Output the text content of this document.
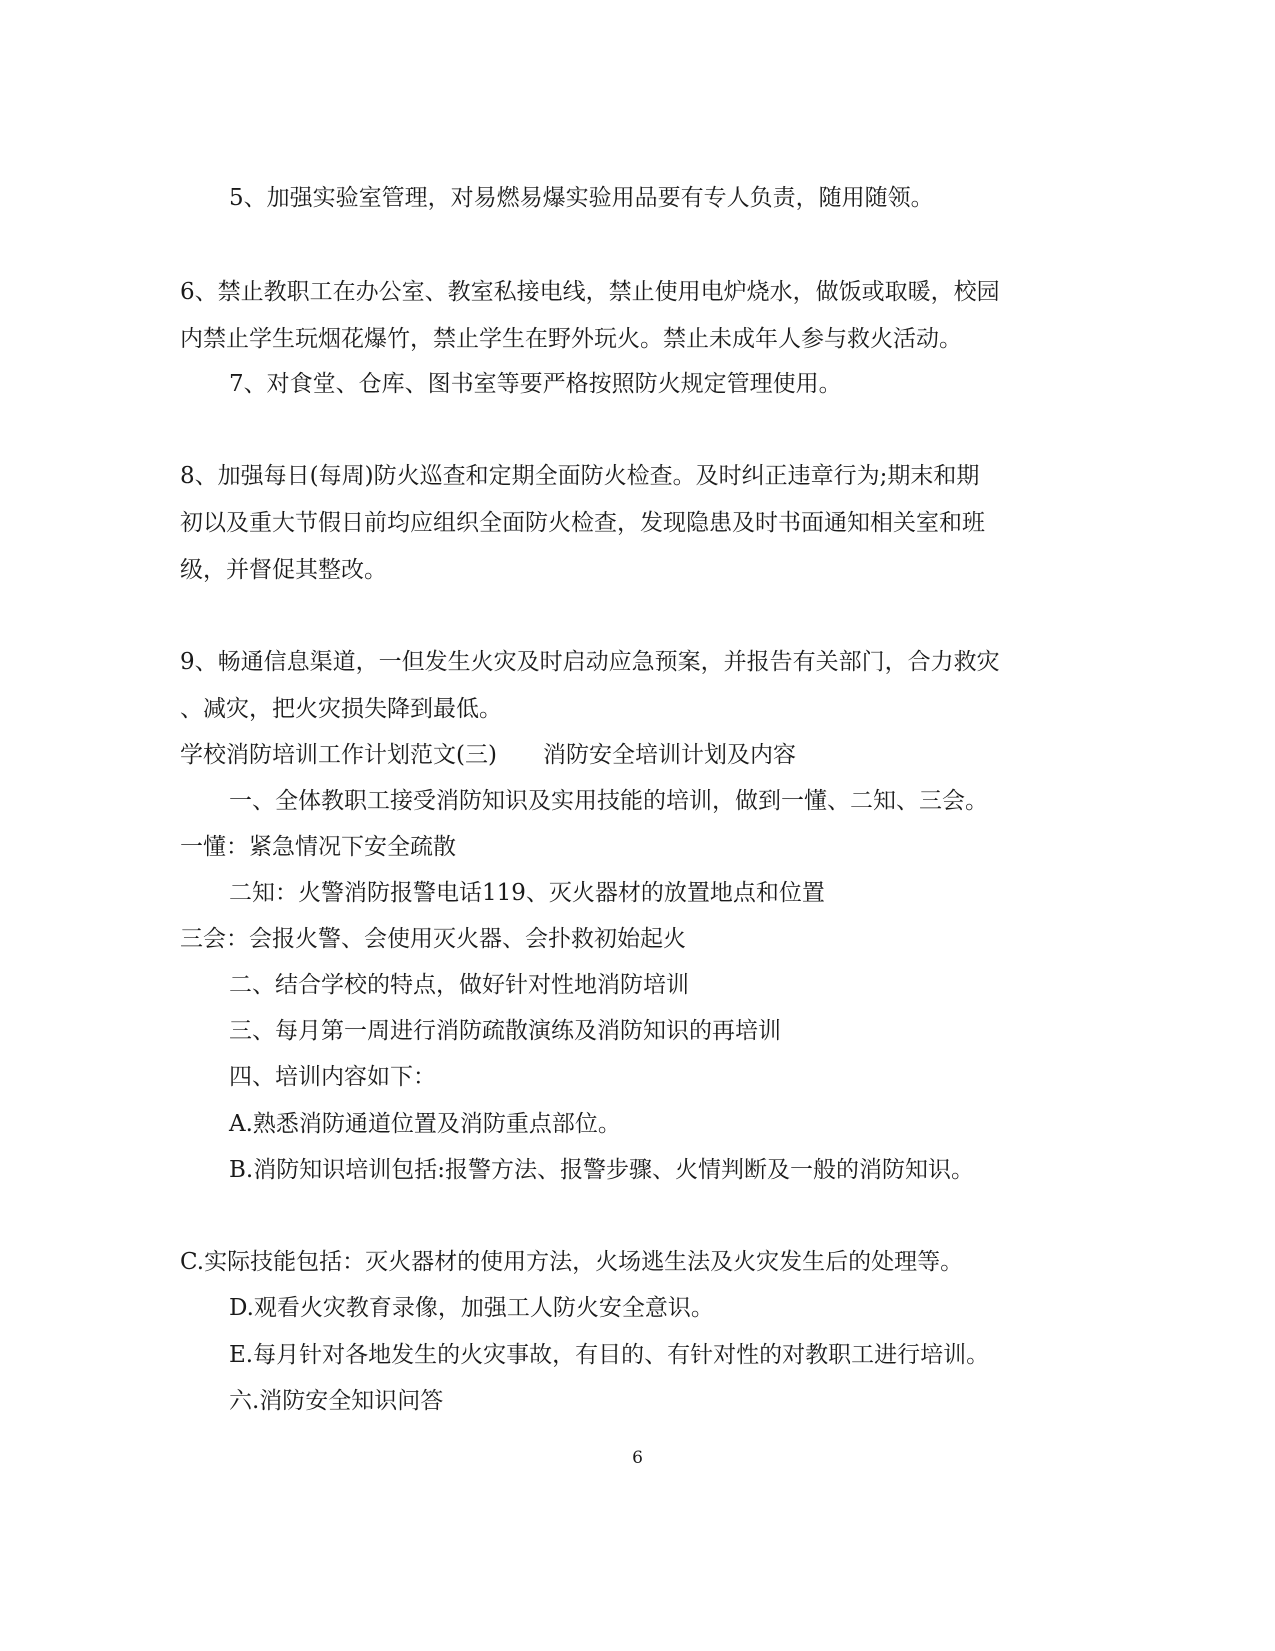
5、加强实验室管理，对易燃易爆实验用品要有专人负责，随用随领。

6、禁止教职工在办公室、教室私接电线，禁止使用电炉烧水，做饭或取暖，校园

内禁止学生玩烟花爆竹，禁止学生在野外玩火。禁止未成年人参与救火活动。

7、对食堂、仓库、图书室等要严格按照防火规定管理使用。

8、加强每日(每周)防火巡查和定期全面防火检查。及时纠正违章行为;期末和期

初以及重大节假日前均应组织全面防火检查，发现隐患及时书面通知相关室和班

级，并督促其整改。

9、畅通信息渠道，一但发生火灾及时启动应急预案，并报告有关部门，合力救灾

、减灾，把火灾损失降到最低。

学校消防培训工作计划范文(三)　　消防安全培训计划及内容

一、全体教职工接受消防知识及实用技能的培训，做到一懂、二知、三会。

一懂：紧急情况下安全疏散

二知：火警消防报警电话119、灭火器材的放置地点和位置

三会：会报火警、会使用灭火器、会扑救初始起火

二、结合学校的特点，做好针对性地消防培训

三、每月第一周进行消防疏散演练及消防知识的再培训

四、培训内容如下：

A.熟悉消防通道位置及消防重点部位。

B.消防知识培训包括:报警方法、报警步骤、火情判断及一般的消防知识。

C.实际技能包括：灭火器材的使用方法，火场逃生法及火灾发生后的处理等。

D.观看火灾教育录像，加强工人防火安全意识。

E.每月针对各地发生的火灾事故，有目的、有针对性的对教职工进行培训。

六.消防安全知识问答

6
